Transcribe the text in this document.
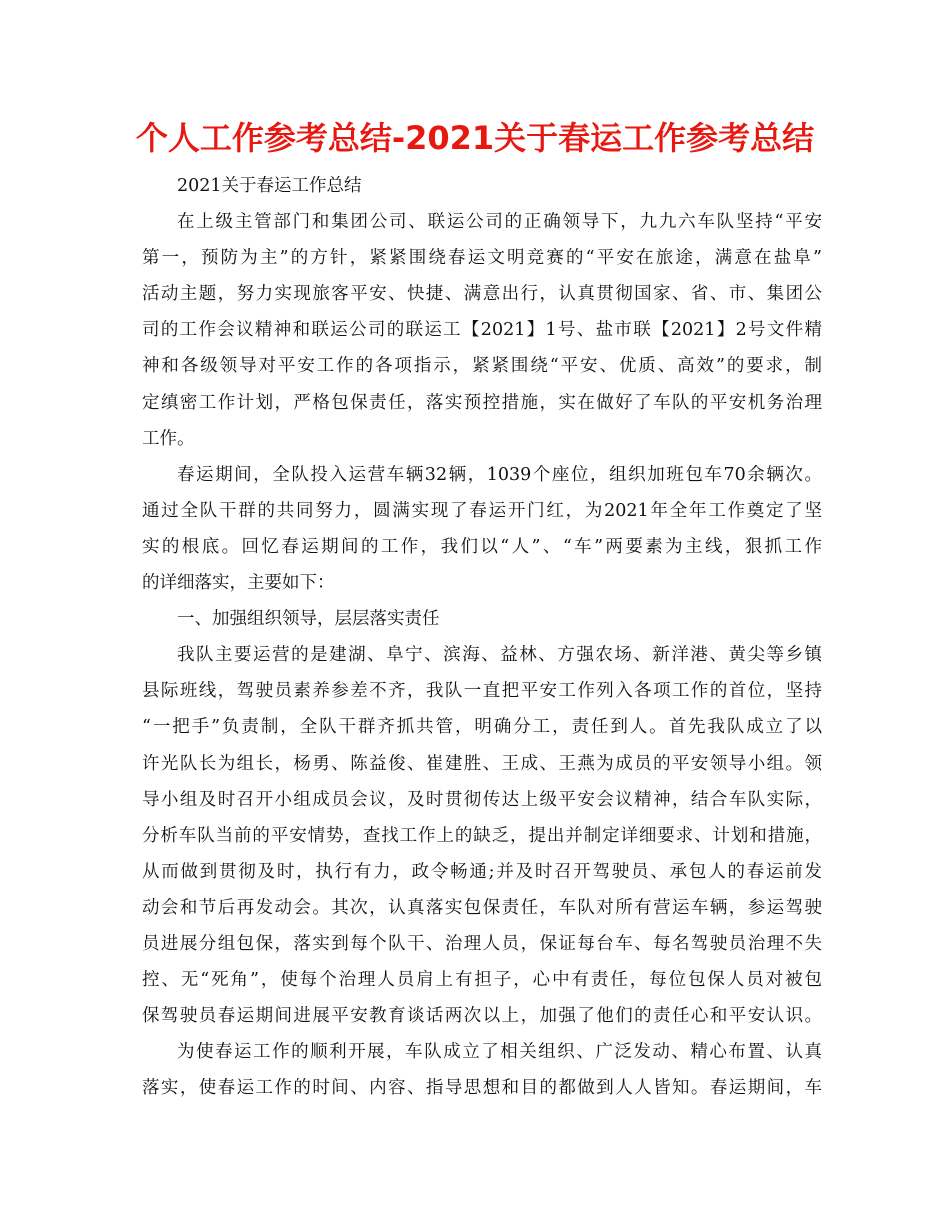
个人工作参考总结-2021关于春运工作参考总结
2021关于春运工作总结
在上级主管部门和集团公司、联运公司的正确领导下，九九六车队坚持“平安
第一，预防为主”的方针，紧紧围绕春运文明竞赛的“平安在旅途，满意在盐阜”
活动主题，努力实现旅客平安、快捷、满意出行，认真贯彻国家、省、市、集团公
司的工作会议精神和联运公司的联运工【2021】1号、盐市联【2021】2号文件精
神和各级领导对平安工作的各项指示，紧紧围绕“平安、优质、高效”的要求，制
定缜密工作计划，严格包保责任，落实预控措施，实在做好了车队的平安机务治理
工作。
春运期间，全队投入运营车辆32辆，1039个座位，组织加班包车70余辆次。
通过全队干群的共同努力，圆满实现了春运开门红，为2021年全年工作奠定了坚
实的根底。回忆春运期间的工作，我们以“人”、“车”两要素为主线，狠抓工作
的详细落实，主要如下：
一、加强组织领导，层层落实责任
我队主要运营的是建湖、阜宁、滨海、益林、方强农场、新洋港、黄尖等乡镇
县际班线，驾驶员素养参差不齐，我队一直把平安工作列入各项工作的首位，坚持
“一把手”负责制，全队干群齐抓共管，明确分工，责任到人。首先我队成立了以
许光队长为组长，杨勇、陈益俊、崔建胜、王成、王燕为成员的平安领导小组。领
导小组及时召开小组成员会议，及时贯彻传达上级平安会议精神，结合车队实际，
分析车队当前的平安情势，查找工作上的缺乏，提出并制定详细要求、计划和措施，
从而做到贯彻及时，执行有力，政令畅通;并及时召开驾驶员、承包人的春运前发
动会和节后再发动会。其次，认真落实包保责任，车队对所有营运车辆，参运驾驶
员进展分组包保，落实到每个队干、治理人员，保证每台车、每名驾驶员治理不失
控、无“死角”，使每个治理人员肩上有担子，心中有责任，每位包保人员对被包
保驾驶员春运期间进展平安教育谈话两次以上，加强了他们的责任心和平安认识。
为使春运工作的顺利开展，车队成立了相关组织、广泛发动、精心布置、认真
落实，使春运工作的时间、内容、指导思想和目的都做到人人皆知。春运期间，车
